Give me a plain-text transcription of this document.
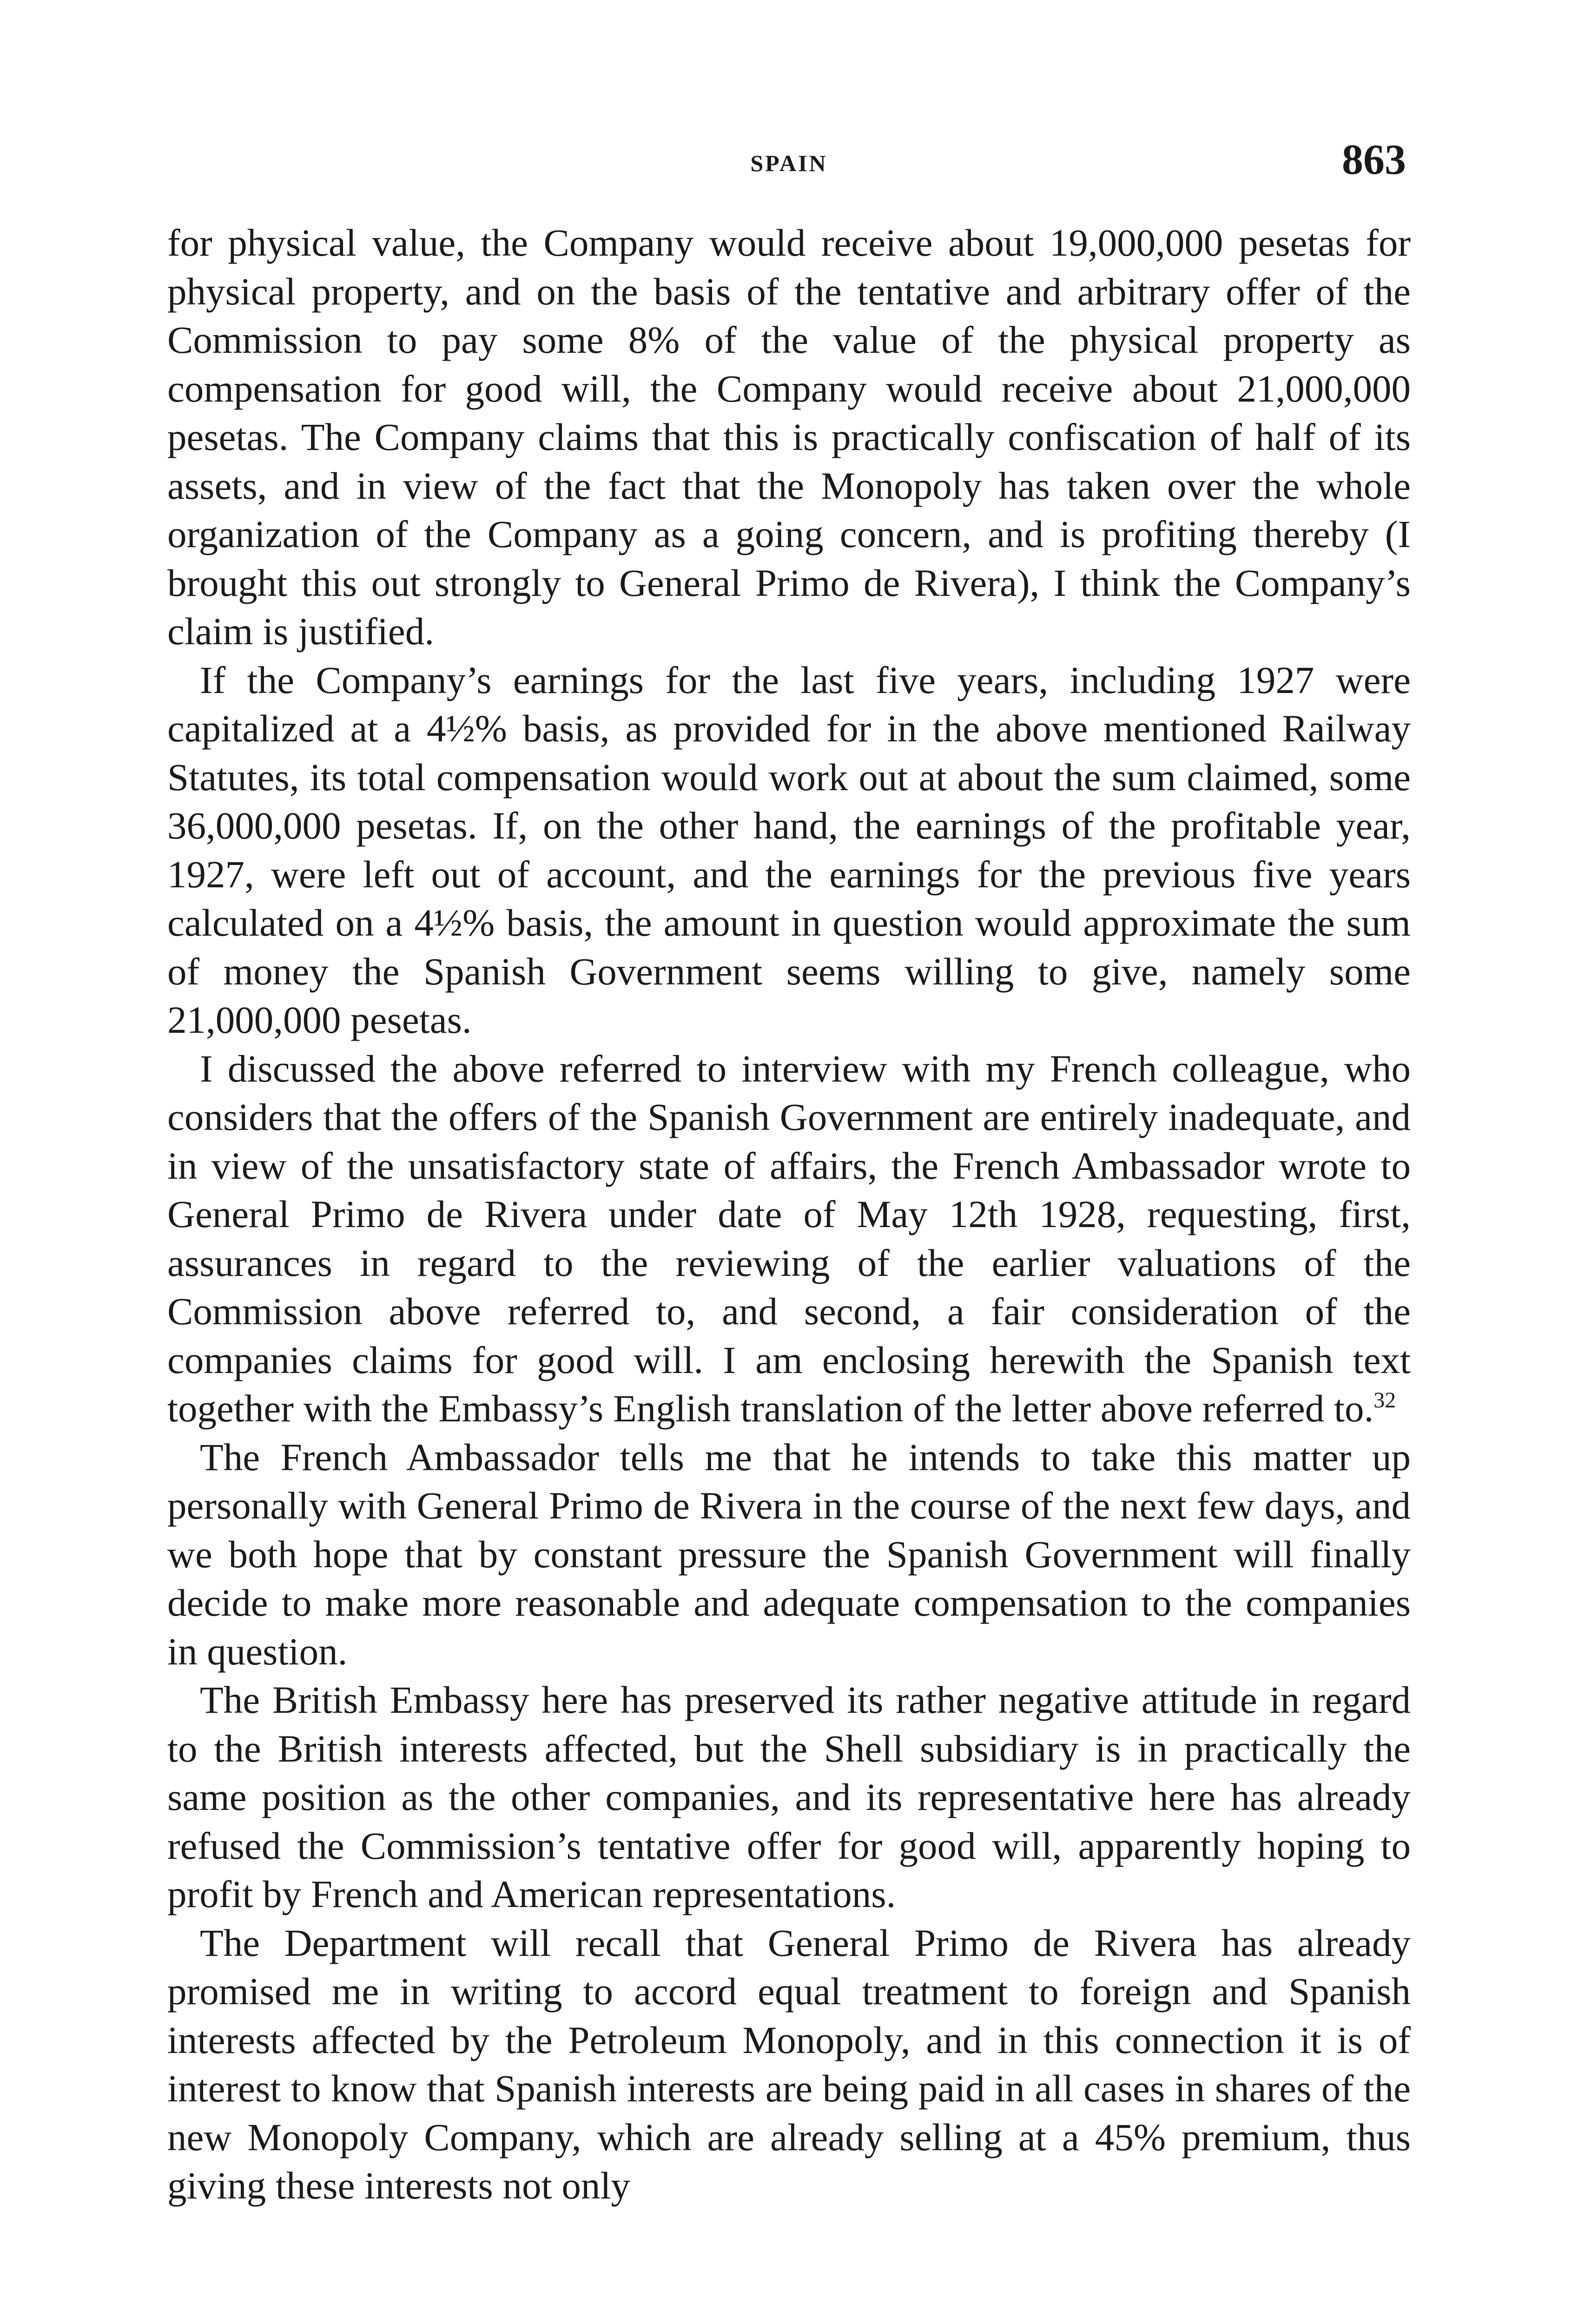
SPAIN	863

for physical value, the Company would receive about 19,000,000 pesetas for physical property, and on the basis of the tentative and arbitrary offer of the Commission to pay some 8% of the value of the physical property as compensation for good will, the Company would receive about 21,000,000 pesetas. The Company claims that this is practically confiscation of half of its assets, and in view of the fact that the Monopoly has taken over the whole organization of the Company as a going concern, and is profiting thereby (I brought this out strongly to General Primo de Rivera), I think the Company’s claim is justified.

If the Company’s earnings for the last five years, including 1927 were capitalized at a 4½% basis, as provided for in the above mentioned Railway Statutes, its total compensation would work out at about the sum claimed, some 36,000,000 pesetas. If, on the other hand, the earnings of the profitable year, 1927, were left out of account, and the earnings for the previous five years calculated on a 4½% basis, the amount in question would approximate the sum of money the Spanish Government seems willing to give, namely some 21,000,000 pesetas.

I discussed the above referred to interview with my French colleague, who considers that the offers of the Spanish Government are entirely inadequate, and in view of the unsatisfactory state of affairs, the French Ambassador wrote to General Primo de Rivera under date of May 12th 1928, requesting, first, assurances in regard to the reviewing of the earlier valuations of the Commission above referred to, and second, a fair consideration of the companies claims for good will. I am enclosing herewith the Spanish text together with the Embassy’s English translation of the letter above referred to.$^{32}$

The French Ambassador tells me that he intends to take this matter up personally with General Primo de Rivera in the course of the next few days, and we both hope that by constant pressure the Spanish Government will finally decide to make more reasonable and adequate compensation to the companies in question.

The British Embassy here has preserved its rather negative attitude in regard to the British interests affected, but the Shell subsidiary is in practically the same position as the other companies, and its representative here has already refused the Commission’s tentative offer for good will, apparently hoping to profit by French and American representations.

The Department will recall that General Primo de Rivera has already promised me in writing to accord equal treatment to foreign and Spanish interests affected by the Petroleum Monopoly, and in this connection it is of interest to know that Spanish interests are being paid in all cases in shares of the new Monopoly Company, which are already selling at a 45% premium, thus giving these interests not only
